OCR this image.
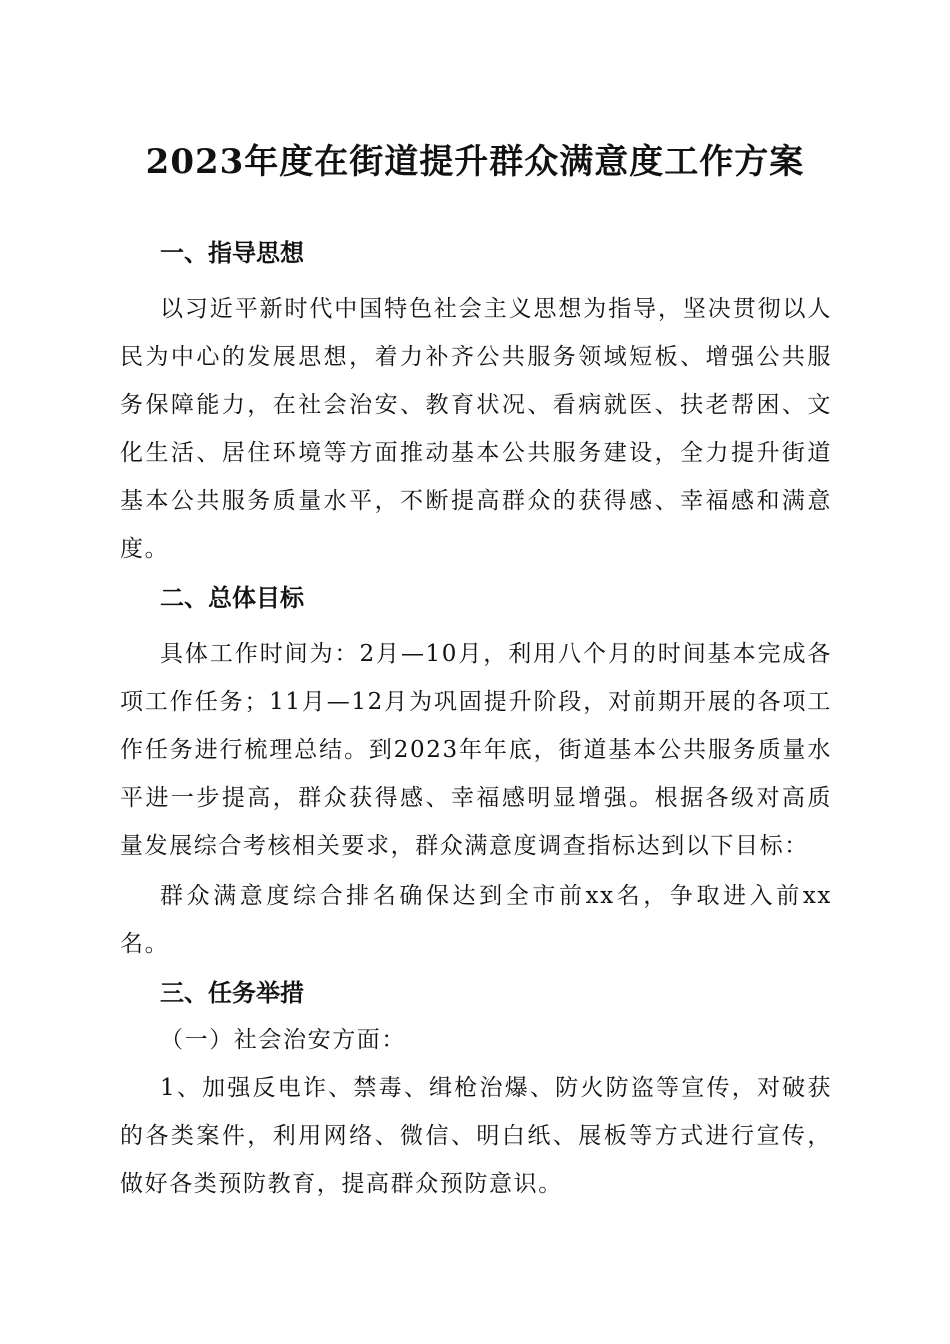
2023年度在街道提升群众满意度工作方案
一、指导思想

以习近平新时代中国特色社会主义思想为指导，坚决贯彻以人民为中心的发展思想，着力补齐公共服务领域短板、增强公共服务保障能力，在社会治安、教育状况、看病就医、扶老帮困、文化生活、居住环境等方面推动基本公共服务建设，全力提升街道基本公共服务质量水平，不断提高群众的获得感、幸福感和满意度。

二、总体目标

具体工作时间为：2月—10月，利用八个月的时间基本完成各项工作任务；11月—12月为巩固提升阶段，对前期开展的各项工作任务进行梳理总结。到2023年年底，街道基本公共服务质量水平进一步提高，群众获得感、幸福感明显增强。根据各级对高质量发展综合考核相关要求，群众满意度调查指标达到以下目标：

群众满意度综合排名确保达到全市前xx名，争取进入前xx名。

三、任务举措

（一）社会治安方面：

1、加强反电诈、禁毒、缉枪治爆、防火防盗等宣传，对破获的各类案件，利用网络、微信、明白纸、展板等方式进行宣传，做好各类预防教育，提高群众预防意识。
